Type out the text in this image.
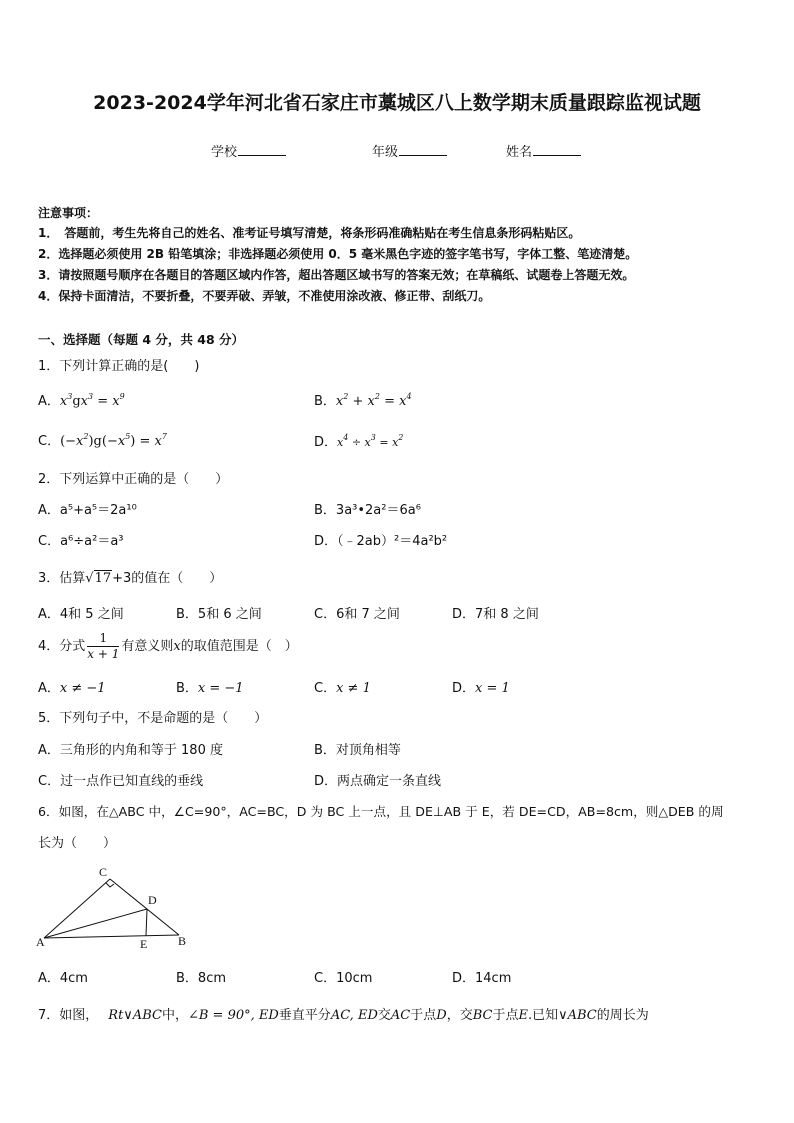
2023-2024学年河北省石家庄市藁城区八上数学期末质量跟踪监视试题
学校	年级	姓名
注意事项：
1．　答题前，考生先将自己的姓名、准考证号填写清楚，将条形码准确粘贴在考生信息条形码粘贴区。
2．选择题必须使用 2B 铅笔填涂；非选择题必须使用 0．5 毫米黑色字迹的签字笔书写，字体工整、笔迹清楚。
3．请按照题号顺序在各题目的答题区域内作答，超出答题区域书写的答案无效；在草稿纸、试题卷上答题无效。
4．保持卡面清洁，不要折叠，不要弄破、弄皱，不准使用涂改液、修正带、刮纸刀。
一、选择题（每题 4 分，共 48 分）
1．下列计算正确的是(　　)
A．$x^3gx^3 = x^9$	B．$x^2 + x^2 = x^4$
C．$(-x^2)g(-x^5) = x^7$	D．$x^4 \div x^3 = x^2$
2．下列运算中正确的是（　　）
A．a⁵+a⁵＝2a¹⁰	B．3a³•2a²＝6a⁶
C．a⁶÷a²＝a³	D．（﹣2ab）²＝4a²b²
3．估算√17+3的值在（　　）
A．4和 5 之间	B．5和 6 之间	C．6和 7 之间	D．7和 8 之间
4．分式 $\frac{1}{x + 1}$ 有意义则x的取值范围是（　）
A．x ≠ −1	B．x = −1	C．x ≠ 1	D．x = 1
5．下列句子中，不是命题的是（　　）
A．三角形的内角和等于 180 度	B．对顶角相等
C．过一点作已知直线的垂线	D．两点确定一条直线
6．如图，在△ABC 中，∠C=90°，AC=BC，D 为 BC 上一点，且 DE⊥AB 于 E，若 DE=CD，AB=8cm，则△DEB 的周
长为（　　）
C
D
A	E	B
A．4cm	B．8cm	C．10cm	D．14cm
7．如图， Rt∨ABC中，∠B = 90°, ED垂直平分AC, ED交AC于点D，交BC于点E.已知∨ABC的周长为
